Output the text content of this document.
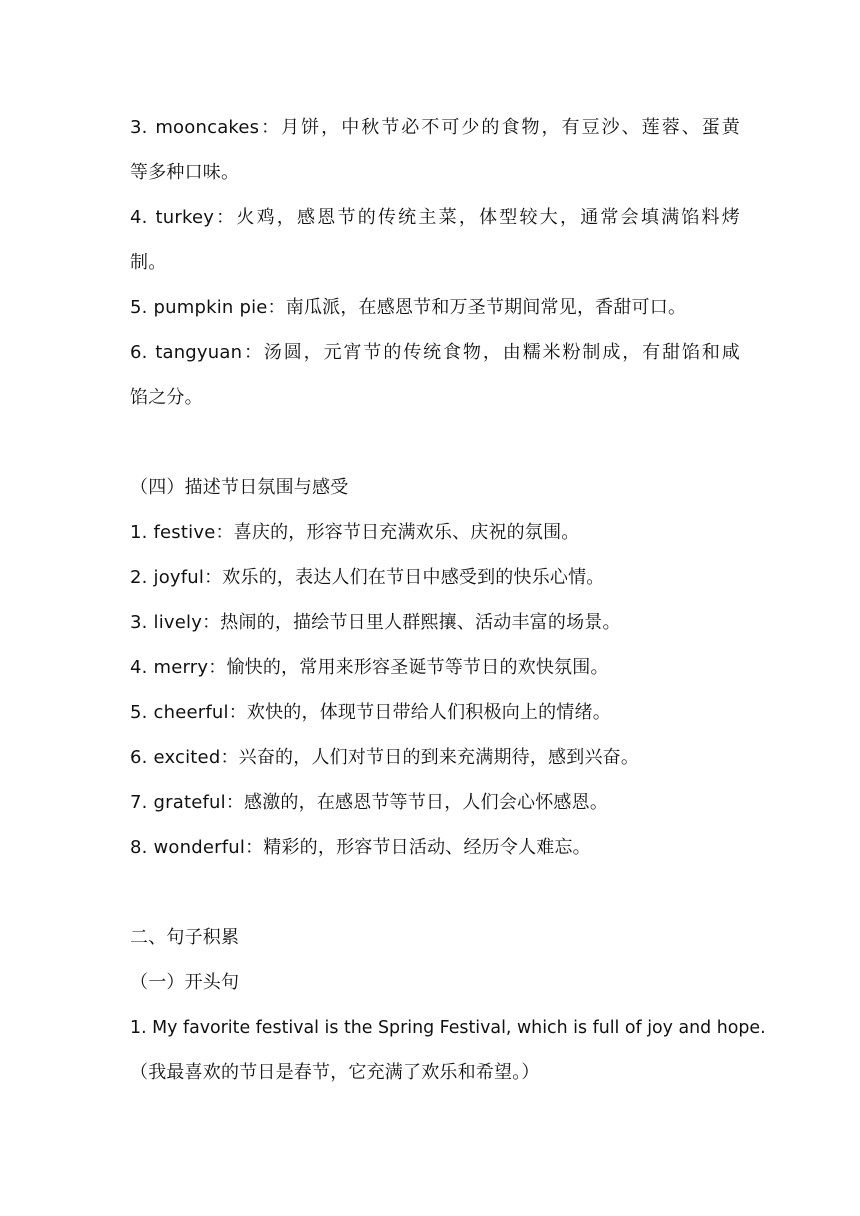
3. mooncakes：月饼，中秋节必不可少的食物，有豆沙、莲蓉、蛋黄
等多种口味。
4. turkey：火鸡，感恩节的传统主菜，体型较大，通常会填满馅料烤
制。
5. pumpkin pie：南瓜派，在感恩节和万圣节期间常见，香甜可口。
6. tangyuan：汤圆，元宵节的传统食物，由糯米粉制成，有甜馅和咸
馅之分。
（四）描述节日氛围与感受
1. festive：喜庆的，形容节日充满欢乐、庆祝的氛围。
2. joyful：欢乐的，表达人们在节日中感受到的快乐心情。
3. lively：热闹的，描绘节日里人群熙攘、活动丰富的场景。
4. merry：愉快的，常用来形容圣诞节等节日的欢快氛围。
5. cheerful：欢快的，体现节日带给人们积极向上的情绪。
6. excited：兴奋的，人们对节日的到来充满期待，感到兴奋。
7. grateful：感激的，在感恩节等节日，人们会心怀感恩。
8. wonderful：精彩的，形容节日活动、经历令人难忘。
二、句子积累
（一）开头句
1. My favorite festival is the Spring Festival, which is full of joy and hope.
（我最喜欢的节日是春节，它充满了欢乐和希望。）
